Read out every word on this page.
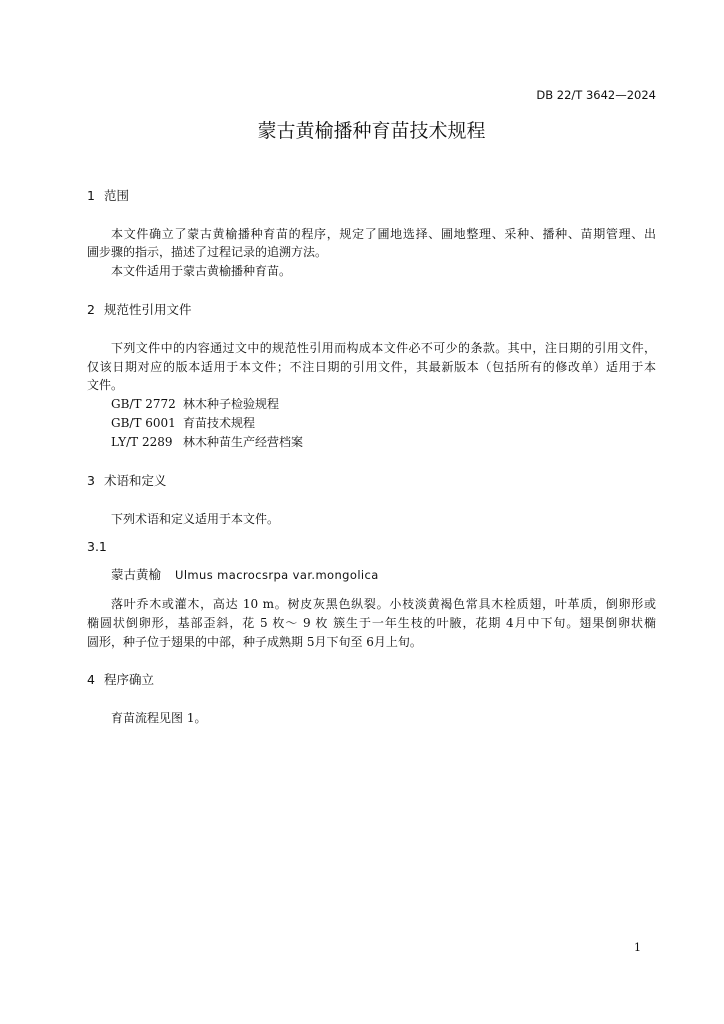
DB 22/T 3642—2024
蒙古黄榆播种育苗技术规程
1 范围
本文件确立了蒙古黄榆播种育苗的程序，规定了圃地选择、圃地整理、采种、播种、苗期管理、出
圃步骤的指示，描述了过程记录的追溯方法。
本文件适用于蒙古黄榆播种育苗。
2 规范性引用文件
下列文件中的内容通过文中的规范性引用而构成本文件必不可少的条款。其中，注日期的引用文件，
仅该日期对应的版本适用于本文件；不注日期的引用文件，其最新版本（包括所有的修改单）适用于本
文件。
GB/T 2772 林木种子检验规程
GB/T 6001 育苗技术规程
LY/T 2289 林木种苗生产经营档案
3 术语和定义
下列术语和定义适用于本文件。
3.1
蒙古黄榆 Ulmus macrocsrpa var.mongolica
落叶乔木或灌木，高达 10 m。树皮灰黑色纵裂。小枝淡黄褐色常具木栓质翅，叶革质，倒卵形或
椭圆状倒卵形，基部歪斜，花 5 枚～ 9 枚 簇生于一年生枝的叶腋，花期 4月中下旬。翅果倒卵状椭
圆形，种子位于翅果的中部，种子成熟期 5月下旬至 6月上旬。
4 程序确立
育苗流程见图 1。
1
